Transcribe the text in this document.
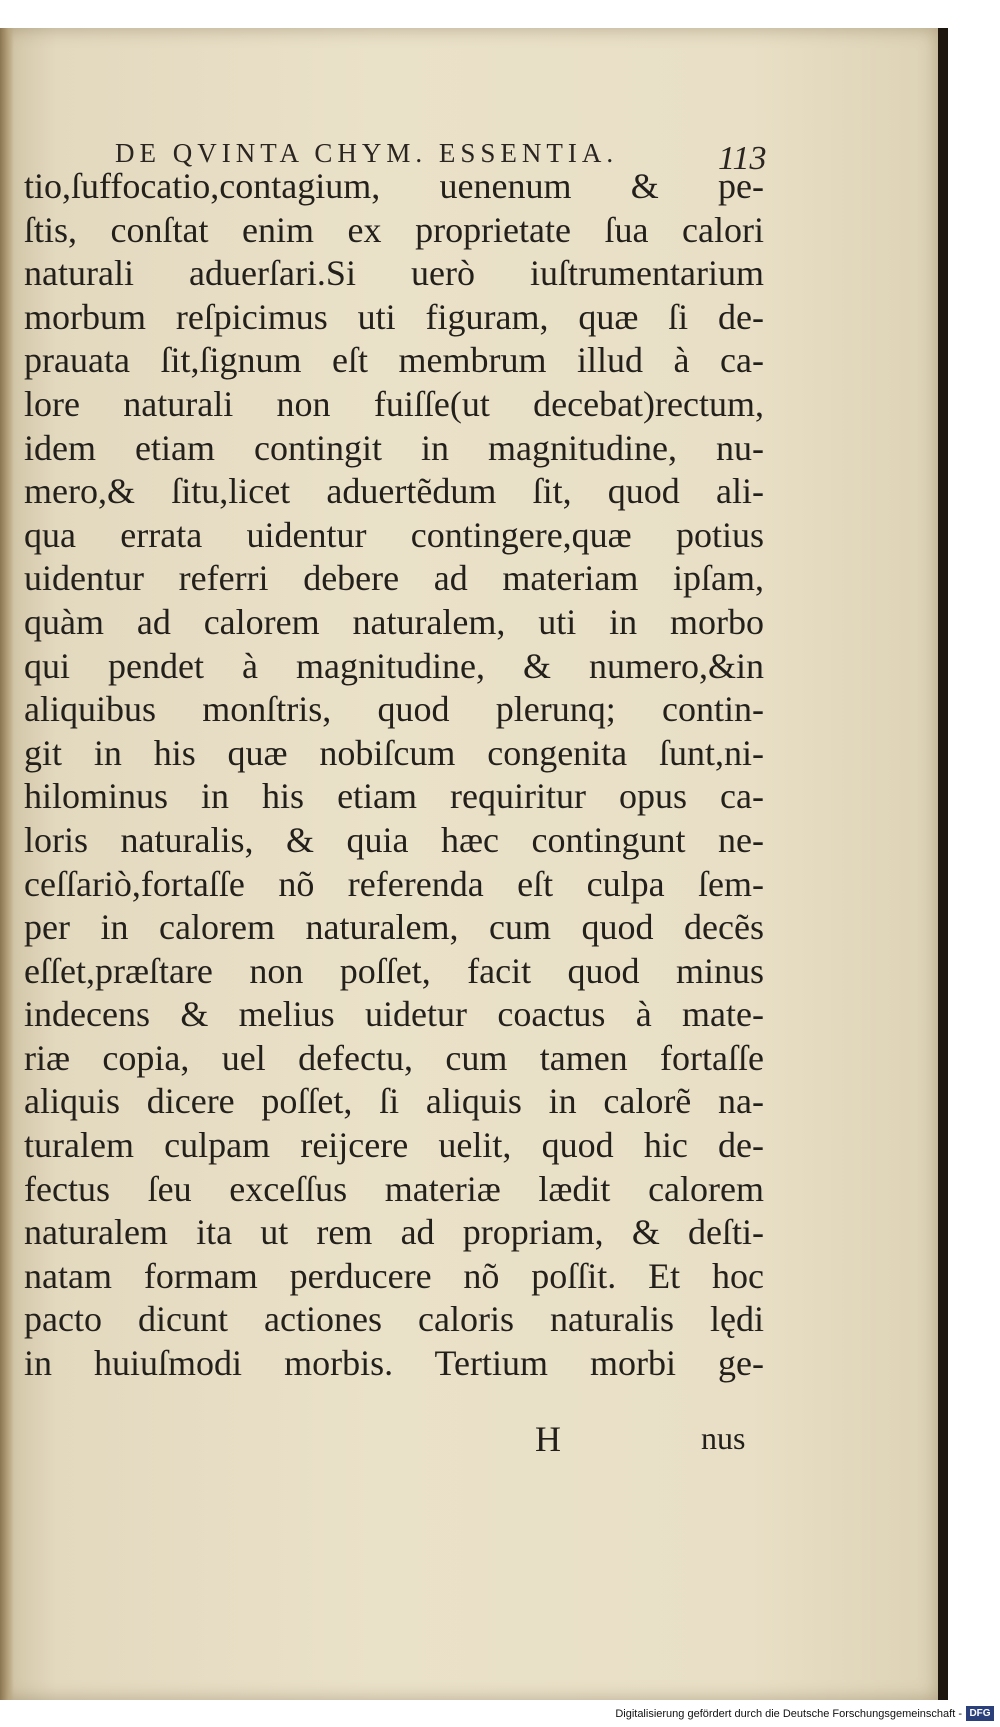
DE QVINTA CHYM. ESSENTIA.	113
tio,ſuffocatio,contagium, uenenum & pe-
ſtis, conſtat enim ex proprietate ſua calori
naturali aduerſari.Si uerò iuſtrumentarium
morbum reſpicimus uti figuram, quæ ſi de-
prauata ſit,ſignum eſt membrum illud à ca-
lore naturali non fuiſſe(ut decebat)rectum,
idem etiam contingit in magnitudine, nu-
mero,& ſitu,licet aduertẽdum ſit, quod ali-
qua errata uidentur contingere,quæ potius
uidentur referri debere ad materiam ipſam,
quàm ad calorem naturalem, uti in morbo
qui pendet à magnitudine, & numero,&in
aliquibus monſtris, quod plerunq; contin-
git in his quæ nobiſcum congenita ſunt,ni-
hilominus in his etiam requiritur opus ca-
loris naturalis, & quia hæc contingunt ne-
ceſſariò,fortaſſe nõ referenda eſt culpa ſem-
per in calorem naturalem, cum quod decẽs
eſſet,præſtare non poſſet, facit quod minus
indecens & melius uidetur coactus à mate-
riæ copia, uel defectu, cum tamen fortaſſe
aliquis dicere poſſet, ſi aliquis in calorẽ na-
turalem culpam reijcere uelit, quod hic de-
fectus ſeu exceſſus materiæ lædit calorem
naturalem ita ut rem ad propriam, & deſti-
natam formam perducere nõ poſſit. Et hoc
pacto dicunt actiones caloris naturalis lędi
in huiuſmodi morbis. Tertium morbi ge-
H	nus
Digitalisierung gefördert durch die Deutsche Forschungsgemeinschaft - DFG
